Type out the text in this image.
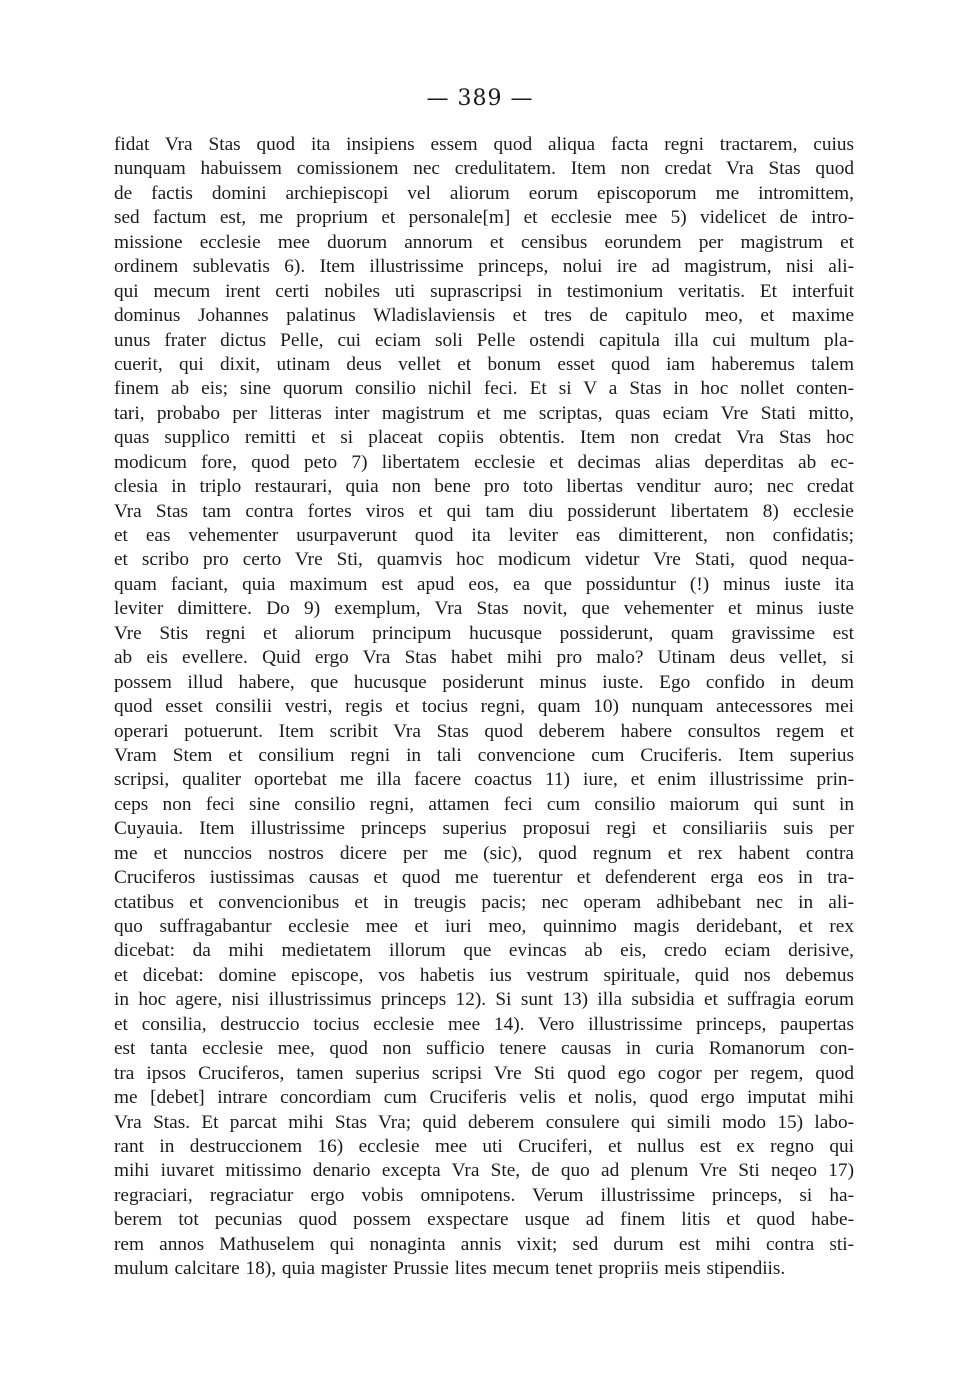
— 389 —
fidat Vra Stas quod ita insipiens essem quod aliqua facta regni tractarem, cuius
nunquam habuissem comissionem nec credulitatem. Item non credat Vra Stas quod
de factis domini archiepiscopi vel aliorum eorum episcoporum me intromittem,
sed factum est, me proprium et personale[m] et ecclesie mee 5) videlicet de intro-
missione ecclesie mee duorum annorum et censibus eorundem per magistrum et
ordinem sublevatis 6). Item illustrissime princeps, nolui ire ad magistrum, nisi ali-
qui mecum irent certi nobiles uti suprascripsi in testimonium veritatis. Et interfuit
dominus Johannes palatinus Wladislaviensis et tres de capitulo meo, et maxime
unus frater dictus Pelle, cui eciam soli Pelle ostendi capitula illa cui multum pla-
cuerit, qui dixit, utinam deus vellet et bonum esset quod iam haberemus talem
finem ab eis; sine quorum consilio nichil feci. Et si V a Stas in hoc nollet conten-
tari, probabo per litteras inter magistrum et me scriptas, quas eciam Vre Stati mitto,
quas supplico remitti et si placeat copiis obtentis. Item non credat Vra Stas hoc
modicum fore, quod peto 7) libertatem ecclesie et decimas alias deperditas ab ec-
clesia in triplo restaurari, quia non bene pro toto libertas venditur auro; nec credat
Vra Stas tam contra fortes viros et qui tam diu possiderunt libertatem 8) ecclesie
et eas vehementer usurpaverunt quod ita leviter eas dimitterent, non confidatis;
et scribo pro certo Vre Sti, quamvis hoc modicum videtur Vre Stati, quod nequa-
quam faciant, quia maximum est apud eos, ea que possiduntur (!) minus iuste ita
leviter dimittere. Do 9) exemplum, Vra Stas novit, que vehementer et minus iuste
Vre Stis regni et aliorum principum hucusque possiderunt, quam gravissime est
ab eis evellere. Quid ergo Vra Stas habet mihi pro malo? Utinam deus vellet, si
possem illud habere, que hucusque posiderunt minus iuste. Ego confido in deum
quod esset consilii vestri, regis et tocius regni, quam 10) nunquam antecessores mei
operari potuerunt. Item scribit Vra Stas quod deberem habere consultos regem et
Vram Stem et consilium regni in tali convencione cum Cruciferis. Item superius
scripsi, qualiter oportebat me illa facere coactus 11) iure, et enim illustrissime prin-
ceps non feci sine consilio regni, attamen feci cum consilio maiorum qui sunt in
Cuyauia. Item illustrissime princeps superius proposui regi et consiliariis suis per
me et nunccios nostros dicere per me (sic), quod regnum et rex habent contra
Cruciferos iustissimas causas et quod me tuerentur et defenderent erga eos in tra-
ctatibus et convencionibus et in treugis pacis; nec operam adhibebant nec in ali-
quo suffragabantur ecclesie mee et iuri meo, quinnimo magis deridebant, et rex
dicebat: da mihi medietatem illorum que evincas ab eis, credo eciam derisive,
et dicebat: domine episcope, vos habetis ius vestrum spirituale, quid nos debemus
in hoc agere, nisi illustrissimus princeps 12). Si sunt 13) illa subsidia et suffragia eorum
et consilia, destruccio tocius ecclesie mee 14). Vero illustrissime princeps, paupertas
est tanta ecclesie mee, quod non sufficio tenere causas in curia Romanorum con-
tra ipsos Cruciferos, tamen superius scripsi Vre Sti quod ego cogor per regem, quod
me [debet] intrare concordiam cum Cruciferis velis et nolis, quod ergo imputat mihi
Vra Stas. Et parcat mihi Stas Vra; quid deberem consulere qui simili modo 15) labo-
rant in destruccionem 16) ecclesie mee uti Cruciferi, et nullus est ex regno qui
mihi iuvaret mitissimo denario excepta Vra Ste, de quo ad plenum Vre Sti neqeo 17)
regraciari, regraciatur ergo vobis omnipotens. Verum illustrissime princeps, si ha-
berem tot pecunias quod possem exspectare usque ad finem litis et quod habe-
rem annos Mathuselem qui nonaginta annis vixit; sed durum est mihi contra sti-
mulum calcitare 18), quia magister Prussie lites mecum tenet propriis meis stipendiis.
